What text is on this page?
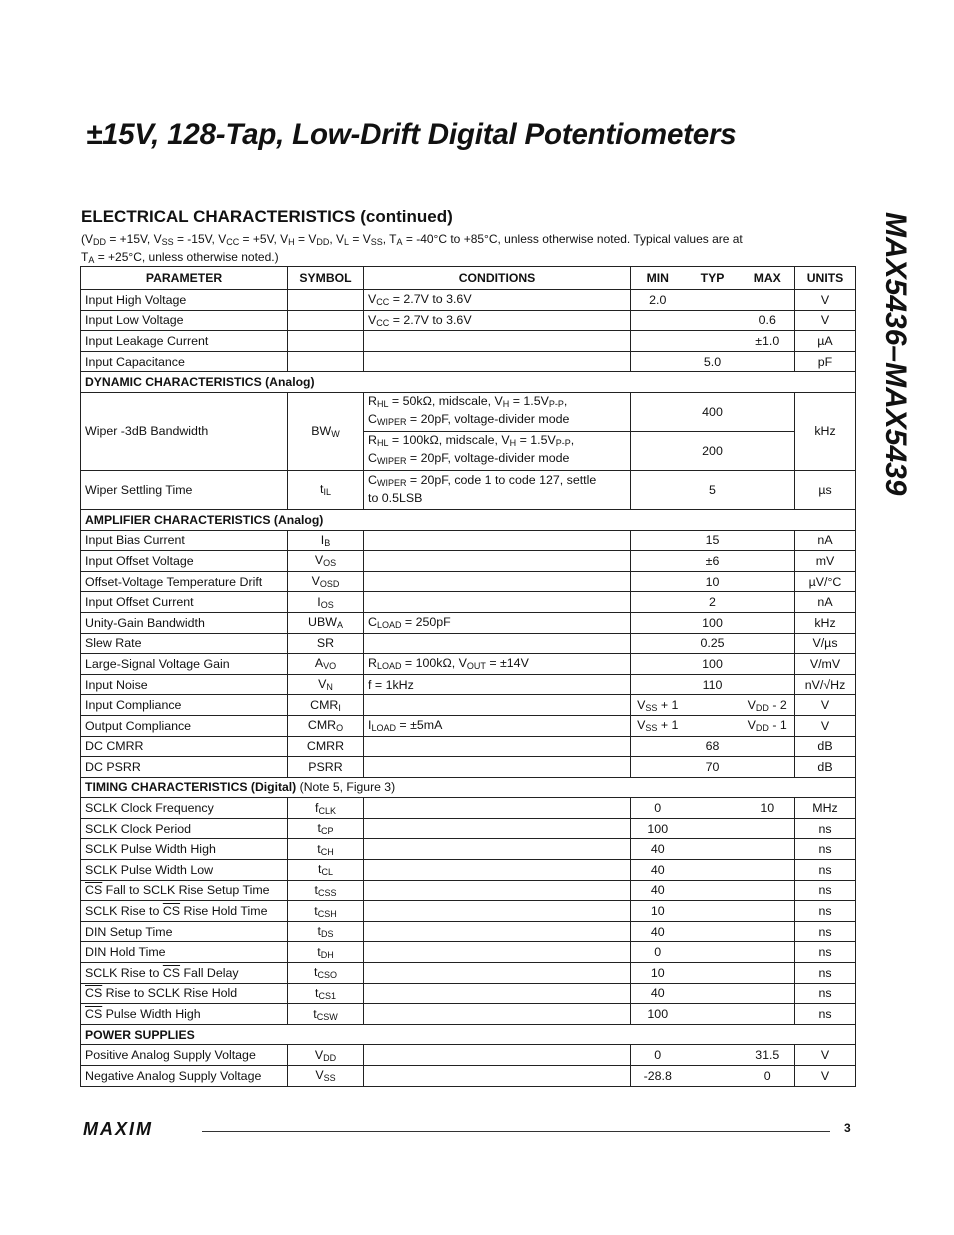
±15V, 128-Tap, Low-Drift Digital Potentiometers
MAX5436–MAX5439
ELECTRICAL CHARACTERISTICS (continued)
($V_{DD} = +15V$, $V_{SS} = -15V$, $V_{CC} = +5V$, $V_H = V_{DD}$, $V_L = V_{SS}$, $T_A = -40^\circ C$ to +85°C, unless otherwise noted. Typical values are at
$T_A = +25^\circ C$, unless otherwise noted.)
PARAMETER	SYMBOL	CONDITIONS	MIN	TYP	MAX	UNITS
Input High Voltage		$V_{CC} = 2.7V$ to 3.6V	2.0			V
Input Low Voltage		$V_{CC} = 2.7V$ to 3.6V			0.6	V
Input Leakage Current					±1.0	µA
Input Capacitance				5.0		pF
DYNAMIC CHARACTERISTICS (Analog)						
Wiper -3dB Bandwidth	$BW_W$	$R_{HL} = 50k\Omega$, midscale, $V_H = 1.5V_{P-P}$,
$C_{WIPER} = 20pF$, voltage-divider mode		400		kHz

		$R_{HL} = 100k\Omega$, midscale, $V_H = 1.5V_{P-P}$,
$C_{WIPER} = 20pF$, voltage-divider mode		200		
Wiper Settling Time	$t_{IL}$	$C_{WIPER} = 20pF$, code 1 to code 127, settle
to 0.5LSB		5		µs
AMPLIFIER CHARACTERISTICS (Analog)						
Input Bias Current	$I_B$			15		nA
Input Offset Voltage	$V_{OS}$			±6		mV
Offset-Voltage Temperature Drift	$V_{OSD}$			10		µV/°C
Input Offset Current	$I_{OS}$			2		nA
Unity-Gain Bandwidth	$UBW_A$	$C_{LOAD} = 250pF$		100		kHz
Slew Rate	SR			0.25		V/µs
Large-Signal Voltage Gain	$A_{VO}$	$R_{LOAD} = 100k\Omega$, $V_{OUT} = \pm 14V$		100		V/mV
Input Noise	$V_N$	f = 1kHz		110		nV/√Hz
Input Compliance	$CMR_I$		$V_{SS} + 1$		$V_{DD} - 2$	V
Output Compliance	$CMR_O$	$I_{LOAD} = \pm 5mA$	$V_{SS} + 1$		$V_{DD} - 1$	V
DC CMRR	CMRR			68		dB
DC PSRR	PSRR			70		dB
TIMING CHARACTERISTICS (Digital) (Note 5, Figure 3)						
SCLK Clock Frequency	$f_{CLK}$		0		10	MHz
SCLK Clock Period	$t_{CP}$		100			ns
SCLK Pulse Width High	$t_{CH}$		40			ns
SCLK Pulse Width Low	$t_{CL}$		40			ns
$\overline{CS}$ Fall to SCLK Rise Setup Time	$t_{CSS}$		40			ns
SCLK Rise to $\overline{CS}$ Rise Hold Time	$t_{CSH}$		10			ns
DIN Setup Time	$t_{DS}$		40			ns
DIN Hold Time	$t_{DH}$		0			ns
SCLK Rise to $\overline{CS}$ Fall Delay	$t_{CSO}$		10			ns
$\overline{CS}$ Rise to SCLK Rise Hold	$t_{CS1}$		40			ns
$\overline{CS}$ Pulse Width High	$t_{CSW}$		100			ns
POWER SUPPLIES						
Positive Analog Supply Voltage	$V_{DD}$		0		31.5	V
Negative Analog Supply Voltage	$V_{SS}$		-28.8		0	V
MAXIM	3
